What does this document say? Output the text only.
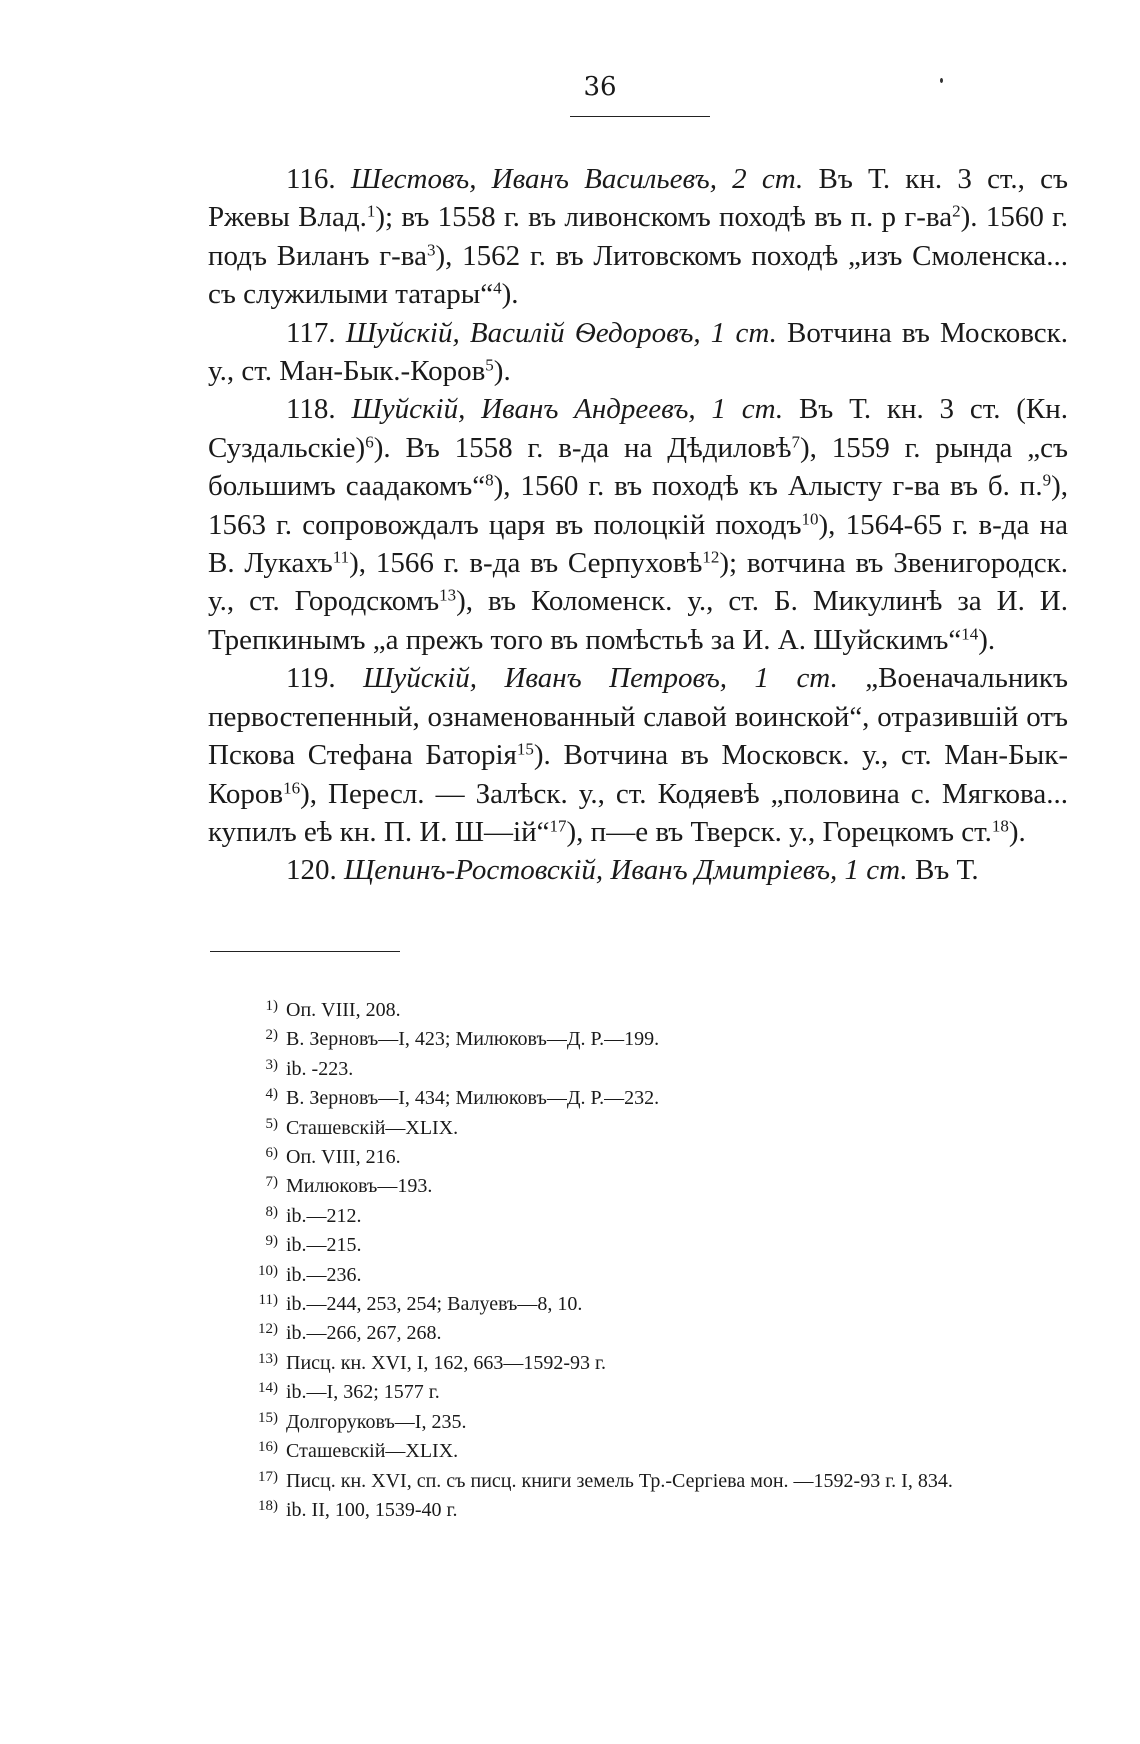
36

116. Шестовъ, Иванъ Васильевъ, 2 ст. Въ Т. кн. 3 ст., съ Ржевы Влад.$^1$); въ 1558 г. въ ливонскомъ походѣ въ п. р $г-ва^2$). 1560 г. подъ Виланъ $г-ва^3$), 1562 г. въ Литовскомъ походѣ „изъ Смоленска... съ служилыми татары“$^4$).

117. Шуйскій, Василій Ѳедоровъ, 1 ст. Вотчина въ Московск. у., ст. Ман-Бык.-Коров$^5$).

118. Шуйскій, Иванъ Андреевъ, 1 ст. Въ Т. кн. 3 ст. (Кн. Суздальскіе)$^6$). Въ 1558 г. в-да на Дѣдиловѣ$^7$), 1559 г. рында „съ большимъ саадакомъ“$^8$), 1560 г. въ походѣ къ Алысту г-ва въ б. п.$^9$), 1563 г. сопровождалъ царя въ полоцкій походъ$^{10}$), 1564-65 г. в-да на В. Лукахъ$^{11}$), 1566 г. в-да въ Серпуховѣ$^{12}$); вотчина въ Звенигородск. у., ст. Городскомъ$^{13}$), въ Коломенск. у., ст. Б. Микулинѣ за И. И. Трепкинымъ „а прежъ того въ помѣстьѣ за И. А. Шуйскимъ“$^{14}$).

119. Шуйскій, Иванъ Петровъ, 1 ст. „Военачальникъ первостепенный, ознаменованный славой воинской“, отразившій отъ Пскова Стефана Баторія$^{15}$). Вотчина въ Московск. у., ст. Ман-Бык-Коров$^{16}$), Пересл. — Залѣск. у., ст. Кодяевѣ „половина с. Мягкова... купилъ еѣ кн. П. И. Ш—ій“$^{17}$), п—е въ Тверск. у., Горецкомъ ст.$^{18}$).

120. Щепинъ-Ростовскій, Иванъ Дмитріевъ, 1 ст. Въ Т.

1) Оп. VIII, 208.

2) В. Зерновъ—I, 423; Милюковъ—Д. Р.—199.

3) ib. -223.

4) В. Зерновъ—I, 434; Милюковъ—Д. Р.—232.

5) Сташевскій—XLIX.

6) Оп. VIII, 216.

7) Милюковъ—193.

8) ib.—212.

9) ib.—215.

10) ib.—236.

11) ib.—244, 253, 254; Валуевъ—8, 10.

12) ib.—266, 267, 268.

13) Писц. кн. XVI, I, 162, 663—1592-93 г.

14) ib.—I, 362; 1577 г.

15) Долгоруковъ—I, 235.

16) Сташевскій—XLIX.

17) Писц. кн. XVI, сп. съ писц. книги земель Тр.-Сергіева мон. —1592-93 г. I, 834.

18) ib. II, 100, 1539-40 г.
